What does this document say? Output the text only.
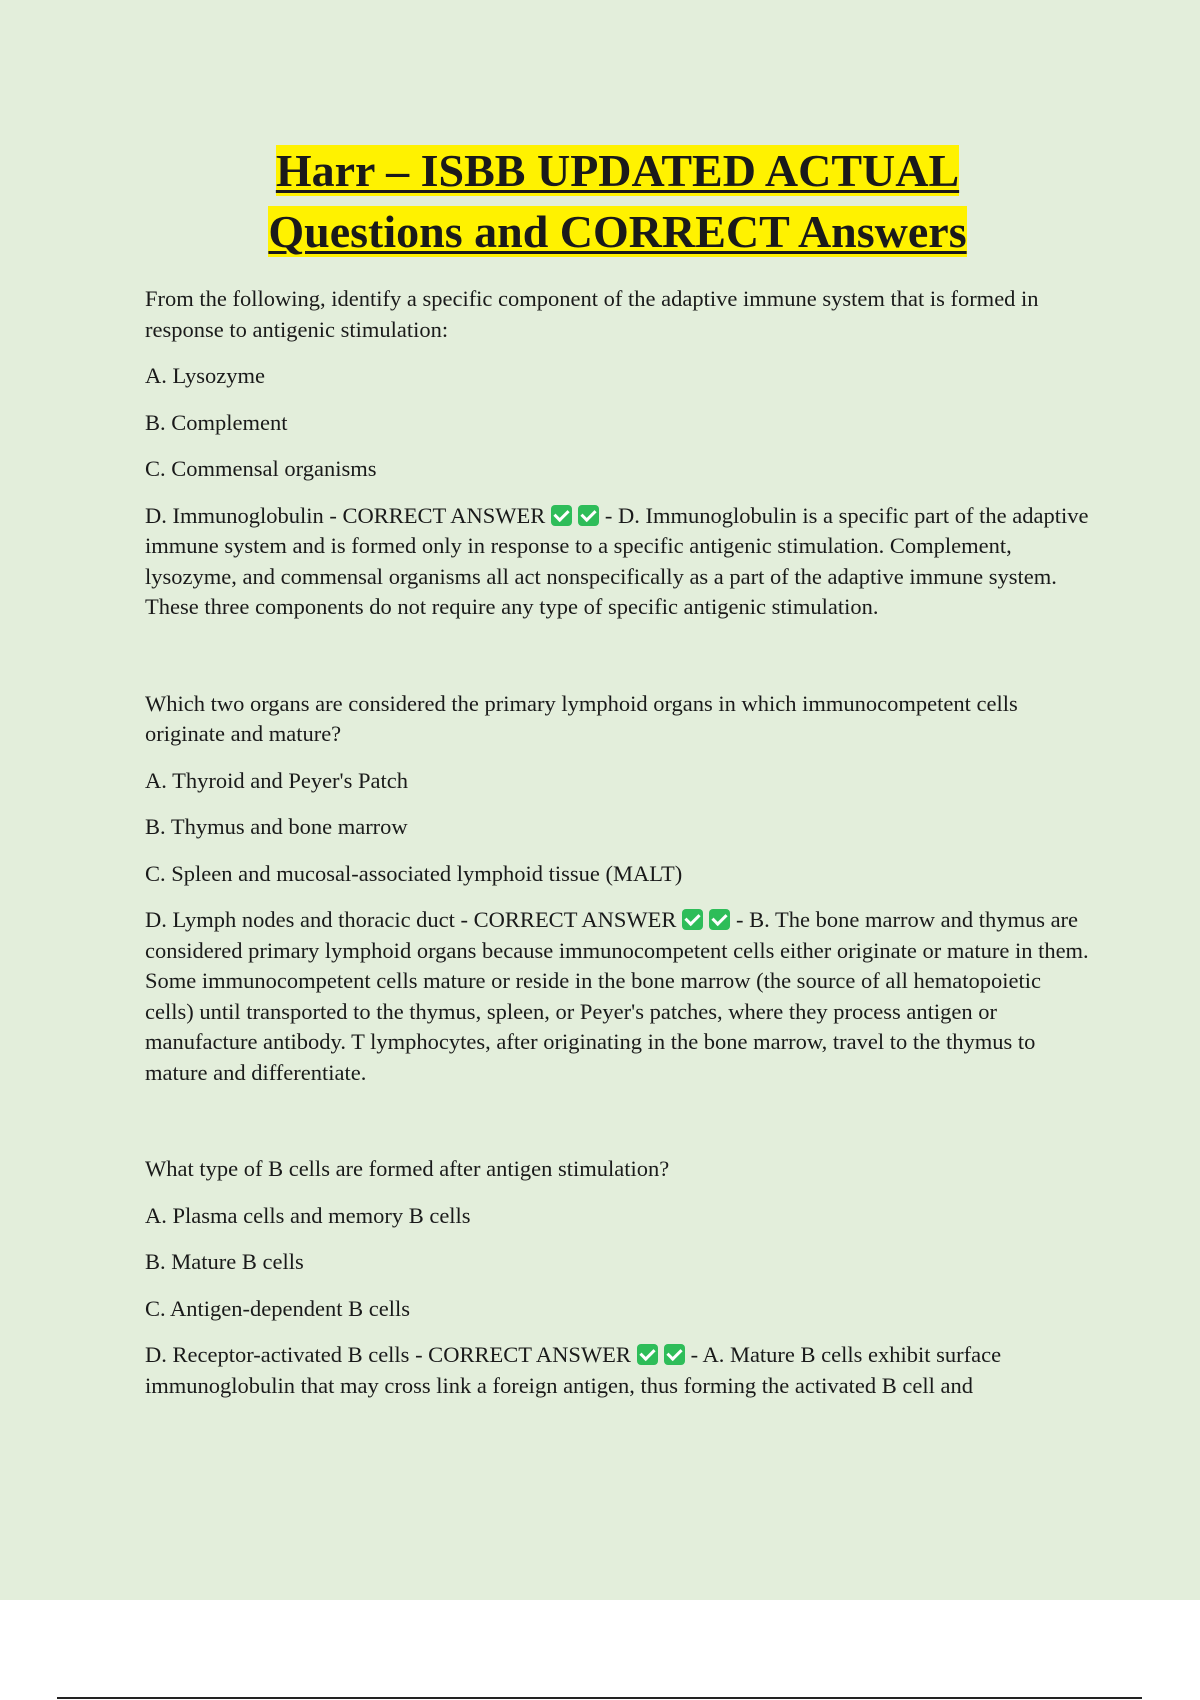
Harr – ISBB UPDATED ACTUAL
Questions and CORRECT Answers

From the following, identify a specific component of the adaptive immune system that is formed in response to antigenic stimulation:

A. Lysozyme

B. Complement

C. Commensal organisms

D. Immunoglobulin - CORRECT ANSWER	- D. Immunoglobulin is a specific part of the adaptive immune system and is formed only in response to a specific antigenic stimulation. Complement, lysozyme, and commensal organisms all act nonspecifically as a part of the adaptive immune system. These three components do not require any type of specific antigenic stimulation.

Which two organs are considered the primary lymphoid organs in which immunocompetent cells originate and mature?

A. Thyroid and Peyer's Patch

B. Thymus and bone marrow

C. Spleen and mucosal-associated lymphoid tissue (MALT)

D. Lymph nodes and thoracic duct - CORRECT ANSWER	- B. The bone marrow and thymus are considered primary lymphoid organs because immunocompetent cells either originate or mature in them. Some immunocompetent cells mature or reside in the bone marrow (the source of all hematopoietic cells) until transported to the thymus, spleen, or Peyer's patches, where they process antigen or manufacture antibody. T lymphocytes, after originating in the bone marrow, travel to the thymus to mature and differentiate.

What type of B cells are formed after antigen stimulation?

A. Plasma cells and memory B cells

B. Mature B cells

C. Antigen-dependent B cells

D. Receptor-activated B cells - CORRECT ANSWER	- A. Mature B cells exhibit surface immunoglobulin that may cross link a foreign antigen, thus forming the activated B cell and
